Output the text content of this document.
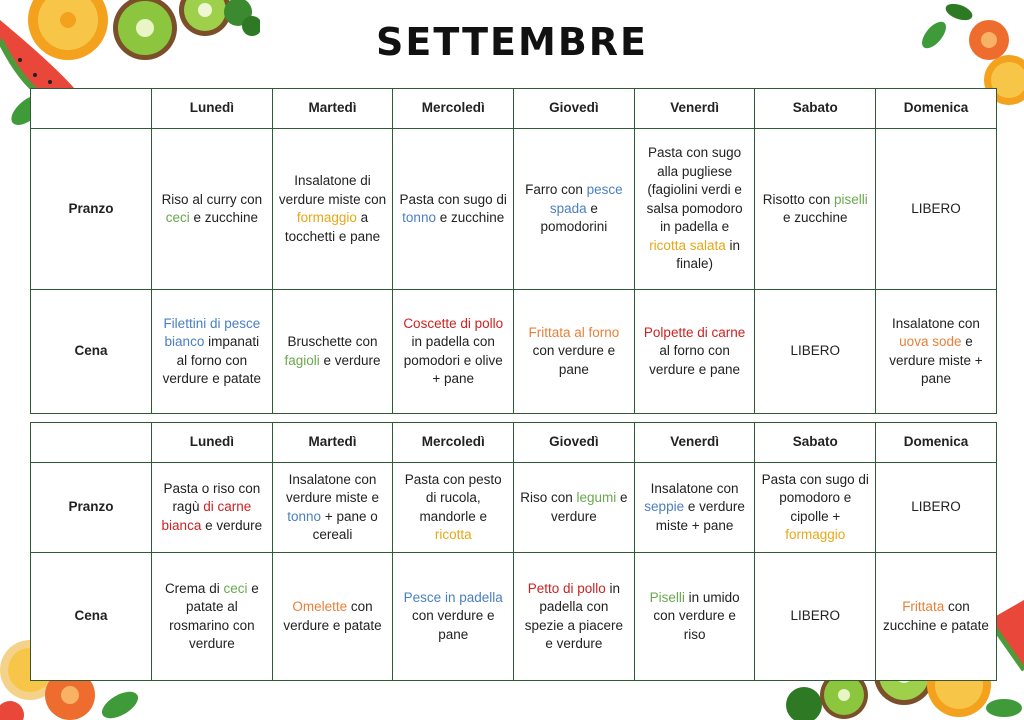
SETTEMBRE
	Lunedì	Martedì	Mercoledì	Giovedì	Venerdì	Sabato	Domenica
Pranzo	Riso al curry con ceci e zucchine	Insalatone di verdure miste con formaggio a tocchetti e pane	Pasta con sugo di tonno e zucchine	Farro con pesce spada e pomodorini	Pasta con sugo alla pugliese (fagiolini verdi e salsa pomodoro in padella e ricotta salata in finale)	Risotto con piselli e zucchine	LIBERO
Cena	Filettini di pesce bianco impanati al forno con verdure e patate	Bruschette con fagioli e verdure	Coscette di pollo in padella con pomodori e olive + pane	Frittata al forno con verdure e pane	Polpette di carne al forno con verdure e pane	LIBERO	Insalatone con uova sode e verdure miste + pane
	Lunedì	Martedì	Mercoledì	Giovedì	Venerdì	Sabato	Domenica
Pranzo	Pasta o riso con ragù di carne bianca e verdure	Insalatone con verdure miste e tonno + pane o cereali	Pasta con pesto di rucola, mandorle e ricotta	Riso con legumi e verdure	Insalatone con seppie e verdure miste + pane	Pasta con sugo di pomodoro e cipolle + formaggio	LIBERO
Cena	Crema di ceci e patate al rosmarino con verdure	Omelette con verdure e patate	Pesce in padella con verdure e pane	Petto di pollo in padella con spezie a piacere e verdure	Piselli in umido con verdure e riso	LIBERO	Frittata con zucchine e patate
